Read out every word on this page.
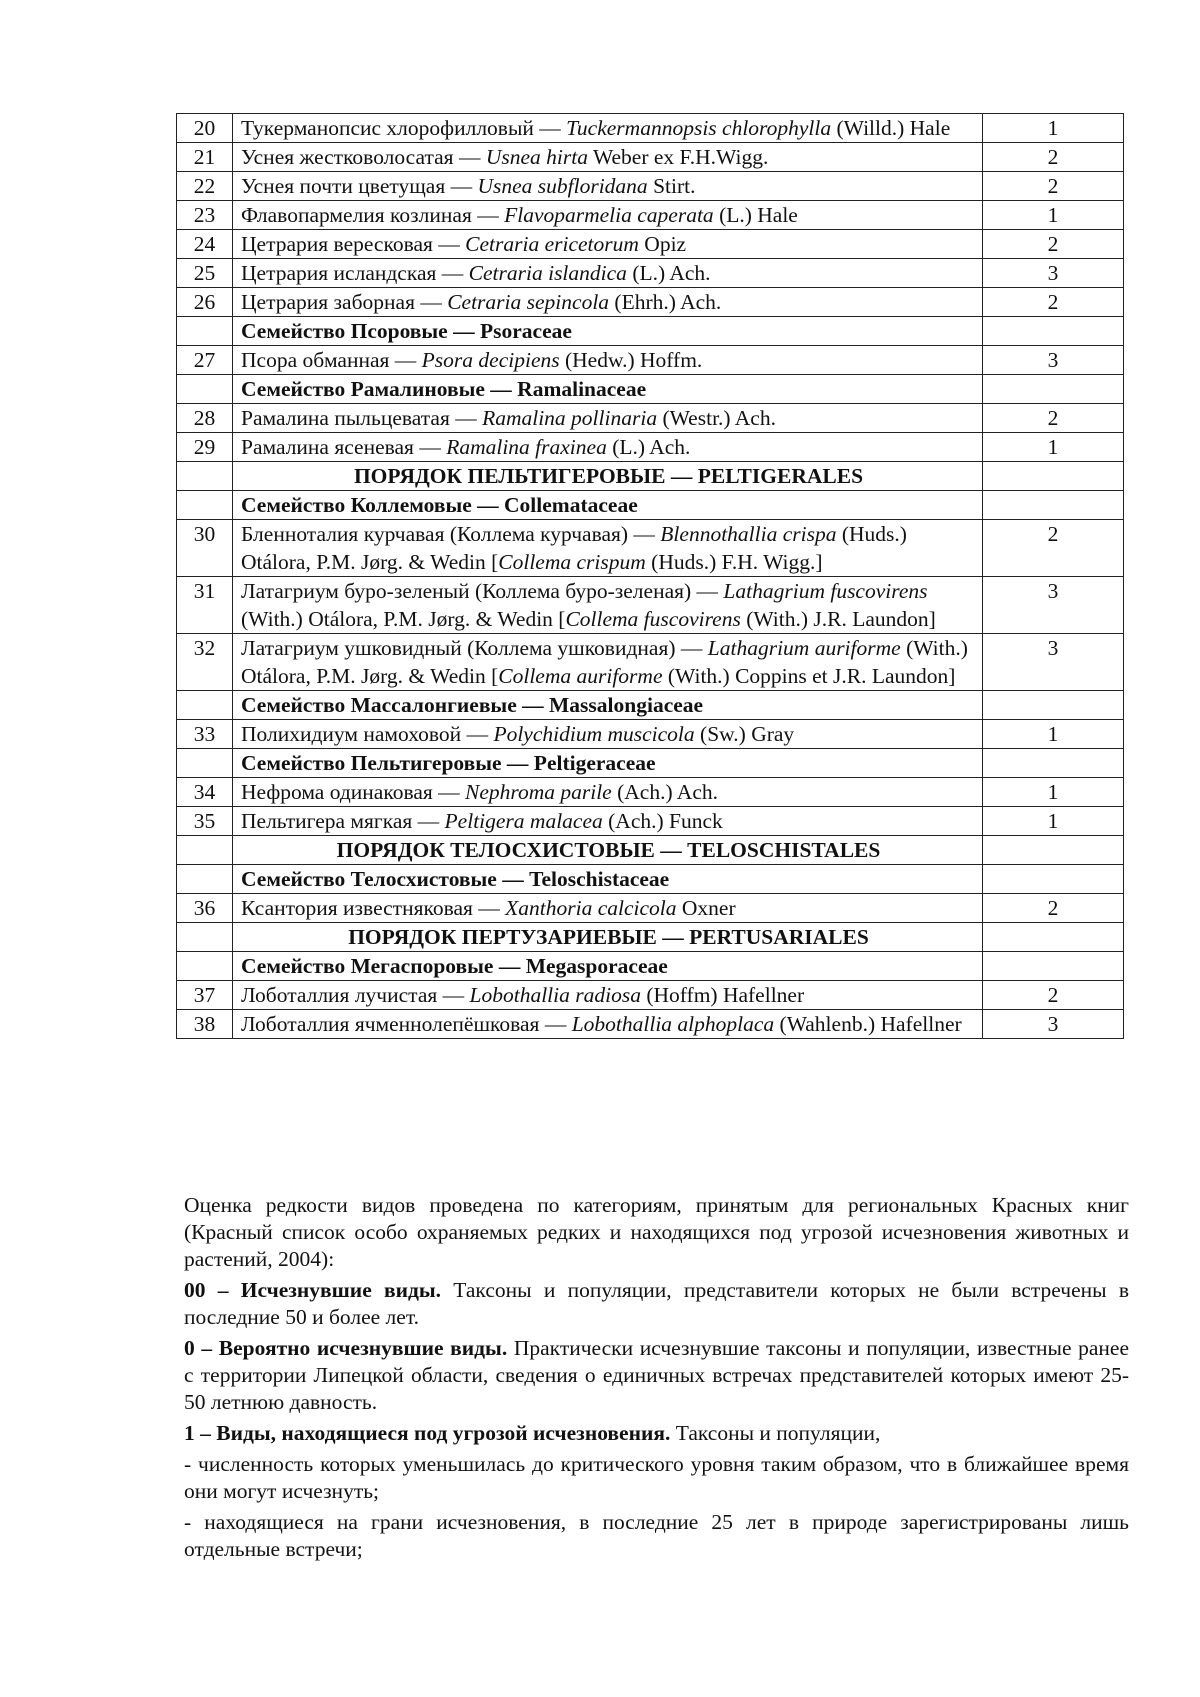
20	Тукерманопсис хлорофилловый — Tuckermannopsis chlorophylla (Willd.) Hale	1
21	Уснея жестковолосатая — Usnea hirta Weber ex F.H.Wigg.	2
22	Уснея почти цветущая — Usnea subfloridana Stirt.	2
23	Флавопармелия козлиная — Flavoparmelia caperata (L.) Hale	1
24	Цетрария вересковая — Cetraria ericetorum Opiz	2
25	Цетрария исландская — Cetraria islandica (L.) Ach.	3
26	Цетрария заборная — Cetraria sepincola (Ehrh.) Ach.	2
	Семейство Псоровые — Psoraceae	
27	Псора обманная — Psora decipiens (Hedw.) Hoffm.	3
	Семейство Рамалиновые — Ramalinaceae	
28	Рамалина пыльцеватая — Ramalina pollinaria (Westr.) Ach.	2
29	Рамалина ясеневая — Ramalina fraxinea (L.) Ach.	1
	ПОРЯДОК ПЕЛЬТИГЕРОВЫЕ — PELTIGERALES	
	Семейство Коллемовые — Collemataceae	
30	Бленноталия курчавая (Коллема курчавая) — Blennothallia crispa (Huds.) Otálora, P.M. Jørg. & Wedin [Collema crispum (Huds.) F.H. Wigg.]	2
31	Латагриум буро-зеленый (Коллема буро-зеленая) — Lathagrium fuscovirens (With.) Otálora, P.M. Jørg. & Wedin [Collema fuscovirens (With.) J.R. Laundon]	3
32	Латагриум ушковидный (Коллема ушковидная) — Lathagrium auriforme (With.) Otálora, P.M. Jørg. & Wedin [Collema auriforme (With.) Coppins et J.R. Laundon]	3
	Семейство Массалонгиевые — Massalongiaceae	
33	Полихидиум намоховой — Polychidium muscicola (Sw.) Gray	1
	Семейство Пельтигеровые — Peltigeraceae	
34	Нефрома одинаковая — Nephroma parile (Ach.) Ach.	1
35	Пельтигера мягкая — Peltigera malacea (Ach.) Funck	1
	ПОРЯДОК ТЕЛОСХИСТОВЫЕ — TELOSCHISTALES	
	Семейство Телосхистовые — Teloschistaceae	
36	Ксантория известняковая — Xanthoria calcicola Oxner	2
	ПОРЯДОК ПЕРТУЗАРИЕВЫЕ — PERTUSARIALES	
	Семейство Мегаспоровые — Megasporaceae	
37	Лоботаллия лучистая — Lobothallia radiosa (Hoffm) Hafellner	2
38	Лоботаллия ячменнолепёшковая — Lobothallia alphoplaca (Wahlenb.) Hafellner	3

Оценка редкости видов проведена по категориям, принятым для региональных Красных книг (Красный список особо охраняемых редких и находящихся под угрозой исчезновения животных и растений, 2004):

00 – Исчезнувшие виды. Таксоны и популяции, представители которых не были встречены в последние 50 и более лет.

0 – Вероятно исчезнувшие виды. Практически исчезнувшие таксоны и популяции, известные ранее с территории Липецкой области, сведения о единичных встречах представителей которых имеют 25-50 летнюю давность.

1 – Виды, находящиеся под угрозой исчезновения. Таксоны и популяции,

- численность которых уменьшилась до критического уровня таким образом, что в ближайшее время они могут исчезнуть;

- находящиеся на грани исчезновения, в последние 25 лет в природе зарегистрированы лишь отдельные встречи;
